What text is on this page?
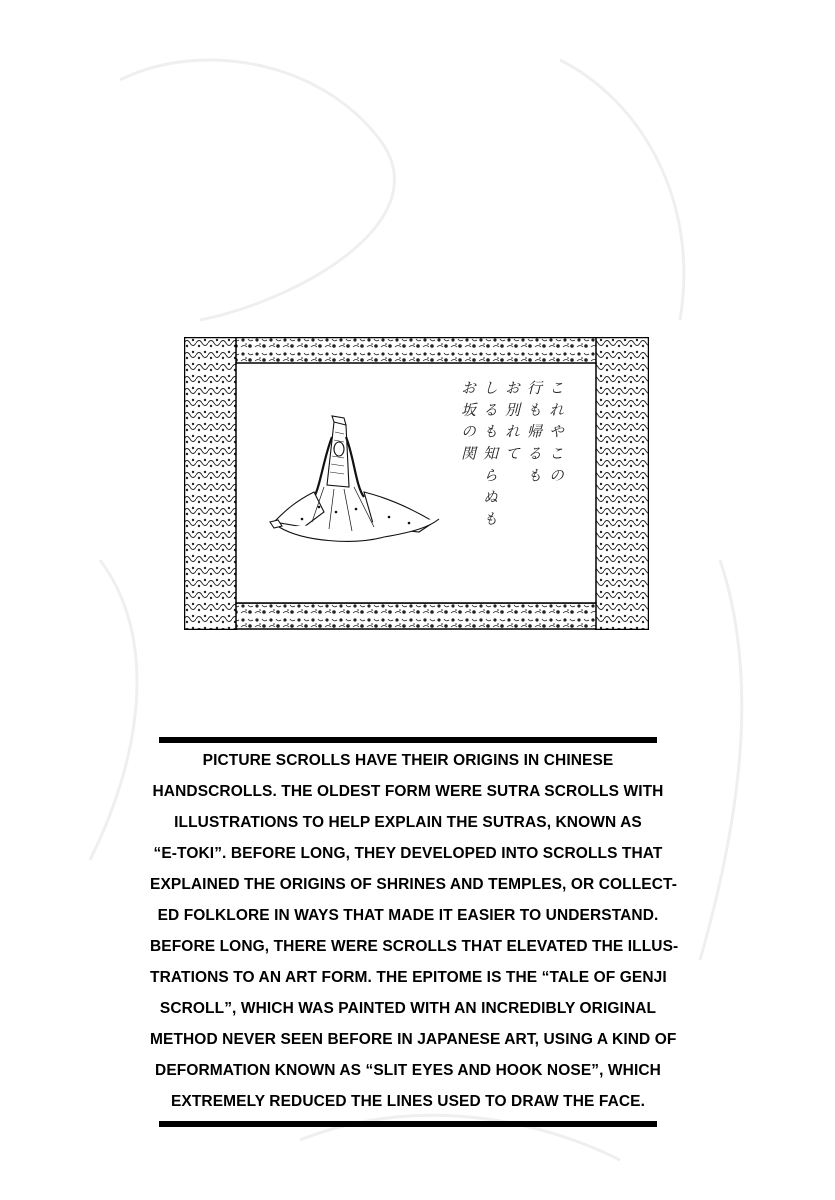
こ れ や こ の
行 も 帰 る も
お 別 れ て
し る も 知 ら ぬ も
お 坂 の 関
PICTURE SCROLLS HAVE THEIR ORIGINS IN CHINESE
HANDSCROLLS. THE OLDEST FORM WERE SUTRA SCROLLS WITH
ILLUSTRATIONS TO HELP EXPLAIN THE SUTRAS, KNOWN AS
“E-TOKI”. BEFORE LONG, THEY DEVELOPED INTO SCROLLS THAT
EXPLAINED THE ORIGINS OF SHRINES AND TEMPLES, OR COLLECT-
ED FOLKLORE IN WAYS THAT MADE IT EASIER TO UNDERSTAND.
BEFORE LONG, THERE WERE SCROLLS THAT ELEVATED THE ILLUS-
TRATIONS TO AN ART FORM. THE EPITOME IS THE “TALE OF GENJI
SCROLL”, WHICH WAS PAINTED WITH AN INCREDIBLY ORIGINAL
METHOD NEVER SEEN BEFORE IN JAPANESE ART, USING A KIND OF
DEFORMATION KNOWN AS “SLIT EYES AND HOOK NOSE”, WHICH
EXTREMELY REDUCED THE LINES USED TO DRAW THE FACE.
